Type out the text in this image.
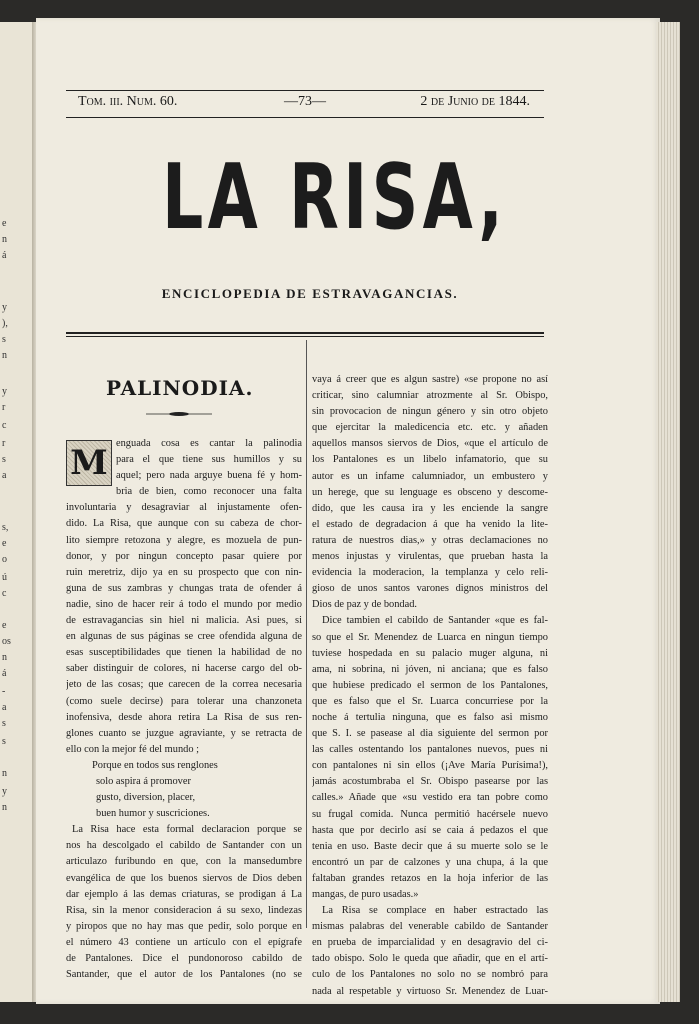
e
n
á
y
),
s
n
y
r
c
r
s
a
s,
e
o
ú
c
e
os
n
á
-
a
s
s
n
y
n
Tom. iii. Num. 60.	—73—	2 de Junio de 1844.
LA RISA,
ENCICLOPEDIA DE ESTRAVAGANCIAS.
PALINODIA.
M enguada cosa es cantar la palinodia
para el que tiene sus humillos y su
aquel; pero nada arguye buena fé y hom-
bria de bien, como reconocer una falta
involuntaria y desagraviar al injustamente ofen-
dido. La Risa, que aunque con su cabeza de chor-
lito siempre retozona y alegre, es mozuela de pun-
donor, y por ningun concepto pasar quiere por
ruin meretriz, dijo ya en su prospecto que con nin-
guna de sus zambras y chungas trata de ofender á
nadie, sino de hacer reir á todo el mundo por medio
de estravagancias sin hiel ni malicia. Asi pues, si
en algunas de sus páginas se cree ofendida alguna de
esas susceptibilidades que tienen la habilidad de no
saber distinguir de colores, ni hacerse cargo del ob-
jeto de las cosas; que carecen de la correa necesaria
(como suele decirse) para tolerar una chanzoneta
inofensiva, desde ahora retira La Risa de sus ren-
glones cuanto se juzgue agraviante, y se retracta de
ello con la mejor fé del mundo ;
Porque en todos sus renglones
solo aspira á promover
gusto, diversion, placer,
buen humor y suscriciones.
La Risa hace esta formal declaracion porque se
nos ha descolgado el cabildo de Santander con un
articulazo furibundo en que, con la mansedumbre
evangélica de que los buenos siervos de Dios deben
dar ejemplo á las demas criaturas, se prodigan á La
Risa, sin la menor consideracion á su sexo, lindezas
y piropos que no hay mas que pedir, solo porque en
el número 43 contiene un artículo con el epígrafe
de Pantalones. Dice el pundonoroso cabildo de
Santander, que el autor de los Pantalones (no se
vaya á creer que es algun sastre) «se propone no así
criticar, sino calumniar atrozmente al Sr. Obispo,
sin provocacion de ningun género y sin otro objeto
que ejercitar la maledicencia etc. etc. y añaden
aquellos mansos siervos de Dios, «que el artículo de
los Pantalones es un libelo infamatorio, que su
autor es un infame calumniador, un embustero y
un herege, que su lenguage es obsceno y descome-
dido, que les causa ira y les enciende la sangre
el estado de degradacion á que ha venido la lite-
ratura de nuestros dias,» y otras declamaciones no
menos injustas y virulentas, que prueban hasta la
evidencia la moderacion, la templanza y celo reli-
gioso de unos santos varones dignos ministros del
Dios de paz y de bondad.
Dice tambien el cabildo de Santander «que es fal-
so que el Sr. Menendez de Luarca en ningun tiempo
tuviese hospedada en su palacio muger alguna, ni
ama, ni sobrina, ni jóven, ni anciana; que es falso
que hubiese predicado el sermon de los Pantalones,
que es falso que el Sr. Luarca concurriese por la
noche á tertulia ninguna, que es falso asi mismo
que S. I. se pasease al dia siguiente del sermon por
las calles ostentando los pantalones nuevos, pues ni
con pantalones ni sin ellos (¡Ave María Purísima!),
jamás acostumbraba el Sr. Obispo pasearse por las
calles.» Añade que «su vestido era tan pobre como
su frugal comida. Nunca permitió hacérsele nuevo
hasta que por decirlo así se caia á pedazos el que
tenia en uso. Baste decir que á su muerte solo se le
encontró un par de calzones y una chupa, á la que
faltaban grandes retazos en la hoja inferior de las
mangas, de puro usadas.»
La Risa se complace en haber estractado las
mismas palabras del venerable cabildo de Santander
en prueba de imparcialidad y en desagravio del ci-
tado obispo. Solo le queda que añadir, que en el artí-
culo de los Pantalones no solo no se nombró para
nada al respetable y virtuoso Sr. Menendez de Luar-
